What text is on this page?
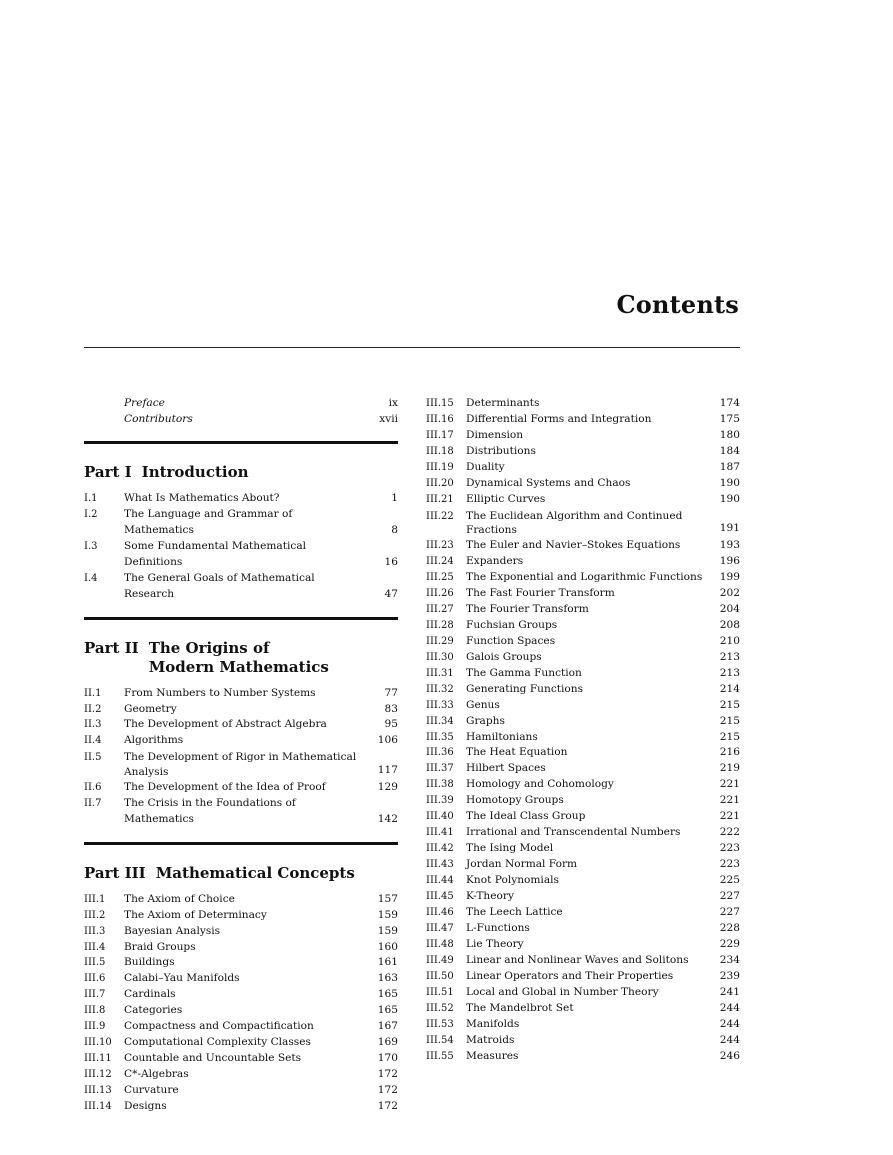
Contents
Preface	ix
Contributors	xvii
Part I Introduction
I.1	What Is Mathematics About?	1
I.2	The Language and Grammar of Mathematics	8
I.3	Some Fundamental Mathematical Definitions	16
I.4	The General Goals of Mathematical Research	47
Part II The Origins of Modern Mathematics
II.1	From Numbers to Number Systems	77
II.2	Geometry	83
II.3	The Development of Abstract Algebra	95
II.4	Algorithms	106
II.5	The Development of Rigor in Mathematical Analysis	117
II.6	The Development of the Idea of Proof	129
II.7	The Crisis in the Foundations of Mathematics	142
Part III Mathematical Concepts
III.1	The Axiom of Choice	157
III.2	The Axiom of Determinacy	159
III.3	Bayesian Analysis	159
III.4	Braid Groups	160
III.5	Buildings	161
III.6	Calabi–Yau Manifolds	163
III.7	Cardinals	165
III.8	Categories	165
III.9	Compactness and Compactification	167
III.10	Computational Complexity Classes	169
III.11	Countable and Uncountable Sets	170
III.12	C*-Algebras	172
III.13	Curvature	172
III.14	Designs	172
III.15	Determinants	174
III.16	Differential Forms and Integration	175
III.17	Dimension	180
III.18	Distributions	184
III.19	Duality	187
III.20	Dynamical Systems and Chaos	190
III.21	Elliptic Curves	190
III.22	The Euclidean Algorithm and Continued Fractions	191
III.23	The Euler and Navier–Stokes Equations	193
III.24	Expanders	196
III.25	The Exponential and Logarithmic Functions	199
III.26	The Fast Fourier Transform	202
III.27	The Fourier Transform	204
III.28	Fuchsian Groups	208
III.29	Function Spaces	210
III.30	Galois Groups	213
III.31	The Gamma Function	213
III.32	Generating Functions	214
III.33	Genus	215
III.34	Graphs	215
III.35	Hamiltonians	215
III.36	The Heat Equation	216
III.37	Hilbert Spaces	219
III.38	Homology and Cohomology	221
III.39	Homotopy Groups	221
III.40	The Ideal Class Group	221
III.41	Irrational and Transcendental Numbers	222
III.42	The Ising Model	223
III.43	Jordan Normal Form	223
III.44	Knot Polynomials	225
III.45	K-Theory	227
III.46	The Leech Lattice	227
III.47	L-Functions	228
III.48	Lie Theory	229
III.49	Linear and Nonlinear Waves and Solitons	234
III.50	Linear Operators and Their Properties	239
III.51	Local and Global in Number Theory	241
III.52	The Mandelbrot Set	244
III.53	Manifolds	244
III.54	Matroids	244
III.55	Measures	246
